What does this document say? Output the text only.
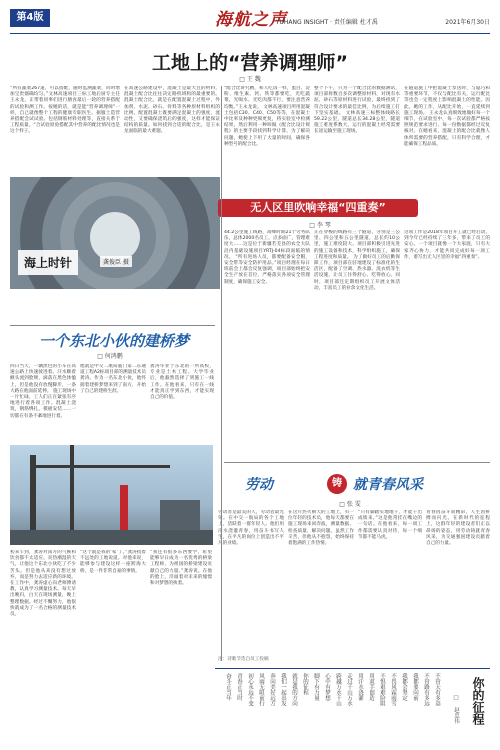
第4版	海航之声
· YUHANG INSIGHT · 责任编辑 杜才禹	2021年6月30日
工地上的“营养调理师”
□ 王 魏
“所有蔬菜267道，可以搭配，随时监测蔬菜，同时增加宝贵烟确均匀。”文林高速项目三标工地后厨专主任王永龙，正带着同事们进行膳食最后一轮的营养搭配的试验和测工作。按她的话，就是能“营养调理师”一样，自己就像整个工程的健康专职医生。据服土造营养搭配会试试验。包括钢筋材料处理等，直接关系于工程质量。“合试验原验搭配其中营养的配比情况也是这个样子。
在高速公路建设中，混凝土是最大且的材料，混凝土配合比往往决定路机域构的最重要的。混凝土配合比，就是在配置混凝土过程中，外加剂、水泥、砂石、骨料等各种原材料组织的比例。配置混凝土既要满足混凝土的强度、流动性，又要确保浇筑后的强度，这样才能保证结构的质量。如何找到合适的配合比，是王永龙面临的最大难题。
“配合比讲究精，和人吃饭一样，蛋白、淀粉、维生素、钙、铁等都要吃，光吃蔬菜、光喝水、光吃肉都不行，要注意营养均衡。”王永龙说。 文林高速项目所用混凝土包括C30、C40、C50等等，在混凝土中比率及种种更细更复，将实验室中检测结果，然后利用一种叫做《配合比设计规程》的主要手段找到科学计算，为了解决问题，她使上下用了大量的时间，确保各种型号的配合比。
整个下午，只为一个配合比的数据测试，项目部将数百多次调整原材料，对现有水泥、砂石等原材料进行试验，最终找到了符合设计要求的最佳比例，为后续施工打下坚实基础。 文林高速三标整体线路长59.22公里，隧道总长34.28公里，隧道施工难度系数大，运行的混凝土经常需要长途运输至施工现场。
在隧道施工中把混凝土泵送时，与隐巧和等重要环节，不仅与配比有关，运行配比等也会一定程度上影响混凝土的性能。因此，她的工作，从配比开始，一直延续到施工现场。 王永龙认真细致地做好每一个细节，在试验室中，每一次试验都严格按照规范要求进行，每一份数据都经过反复核对。在她看来，混凝土的配合比就像人体所需要的营养搭配，只有科学合理，才能确保工程品质。
海上时针	龚俊臣 摄
无人区里吹响幸福“四重奏”
□ 李 琴
44.2公里施工线路，高峰时期21个劳务队伍，总体2000名员工，点多面广，管理难度大……这是位于新疆若羌县的农全大队沿内基础设施项目YRTJ-04标段面临的情况。 “所有进场人员，都要配备安全帽，安全带等安全防护用品。”项目经理在每日班前会上都会反复强调，项目部始终把安全生产放在首位，严格落实各项安全管理制度，确保施工安全。
正在穿梭的线路有三个隧道，分别是三公里、四公里和五公里隧道，总长约10公里，施工难度较大。项目部积极引进先进的施工设备和技术，科学组织施工，确保工程进度和质量。 为了做好员工的后勤保障工作，项目部在驻地建设了标准化的生活区，配备了空调、热水器、洗衣机等生活设施，让员工住得舒心、吃得放心。同时，项目部还定期组织员工开展文体活动，丰富员工的业余文化生活。
这项工作是2018年项目开工就已经启动，到今年已经持续了三年多，带来了员工的安心。一个项目就像一个大家庭，只有大家齐心协力，才能共同完成好每一项工作，谱写出无人区里的幸福“四重奏”。
一个东北小伙的建桥梦
□ 何鸿鹏
四日当天，一辆黑色的小车在高速公路上快速驶进着。汗水顺着额头流到脸颊，滴落在黑色体恤上，但是他没有放慢脚步，一条大路在他面前延伸。 施工现场中一片忙碌，工人们正在紧张有序地进行着各项工作。混凝土浇筑，钢筋绑扎，模板安装……一切都在有条不紊地进行着。
他就是中交二航局厦门第二东通道工程A2标项目部的测量技术员龚涛。作为一名东北小伙，他怀揣着建桥梦想来到了南方，开始了自己的建桥生涯。
龚涛毕业于东北的一所高校，专业是土木工程。大学毕业后，他毅然选择了到施工一线工作。在他看来，只有在一线才能真正学到东西，才能实现自己的价值。
初来乍到，龚涛对南方的气候和饮食都不太适应。炎热潮湿的天气，让他这个东北小伙吃了不少苦头。但是他从来没有想过放弃，而是努力去适应新的环境。 在工作中，龚涛虚心向老师傅请教，认真学习测量技术。每天早出晚归，白天在现场测量，晚上整理数据。经过不懈努力，他很快就成为了一名合格的测量技术员。
“这个就是我的‘家’了。”龚涛指着不远处的工地说道。对他来说，能够参与建设这样一座跨海大桥，是一件非常自豪的事情。
“我还有很多东西要学，希望能够早日成为一名优秀的桥梁工程师，为祖国的桥梁建设贡献自己的力量。”龚涛说。在他的脸上，洋溢着对未来的憧憬和对梦想的执着。
劳动	铸 就青春风采
□ 张 雯
劳动者是最美的人，劳动者最光荣。在中交一航局的各个工地上，活跃着一群年轻人。他们用汗水浇灌青春，用奋斗书写人生，在平凡的岗位上创造出不平凡的业绩。
在这片热火朝天的工地上，有一位年轻的技术员，他每天都要在施工现场来回奔波，测量数据、检查质量、解决问题。虽然工作辛苦，但他从不抱怨，始终保持着饱满的工作热情。
“只有脚踏实地地干，才能干出成绩来。”这是他常挂在嘴边的一句话。在他看来，每一项工作都需要认真对待，每一个细节都不能马虎。
青春因奋斗而精彩，人生因拼搏而闪光。在新时代的征程上，这群年轻的建设者们正以昂扬的姿态，用劳动铸就青春风采，为交通强国建设贡献着自己的力量。
注：诗歌节选自员工投稿
你的征程
□ 赵忠伟
不管天有多高
不管路有多远
我都要向前
我都会坚定
不畏风霜雨雪
不惧艰难险阻
用双手创造
用汗水浇灌
走过千山万水
跨越万水千山
心中有梦想
脚下有力量
你的征程
就是我的方向
我们一起出发
奔向美好远方
风雨无阻前行
初心永远不变
青春正当时
奋斗正当年
